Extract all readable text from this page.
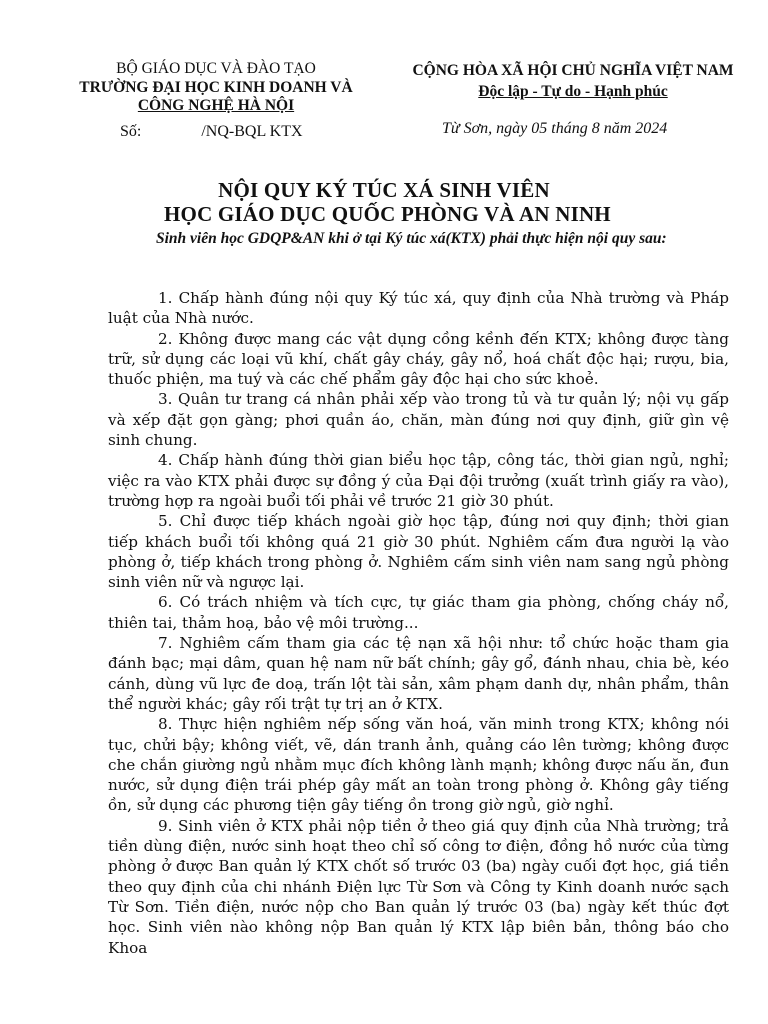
BỘ GIÁO DỤC VÀ ĐÀO TẠO
TRƯỜNG ĐẠI HỌC KINH DOANH VÀ
CÔNG NGHỆ HÀ NỘI
CỘNG HÒA XÃ HỘI CHỦ NGHĨA VIỆT NAM
Độc lập - Tự do - Hạnh phúc
Số:	/NQ-BQL KTX	Từ Sơn, ngày 05 tháng 8 năm 2024
NỘI QUY KÝ TÚC XÁ SINH VIÊN
HỌC GIÁO DỤC QUỐC PHÒNG VÀ AN NINH
Sinh viên học GDQP&AN khi ở tại Ký túc xá(KTX) phải thực hiện nội quy sau:

1. Chấp hành đúng nội quy Ký túc xá, quy định của Nhà trường và Pháp luật của Nhà nước.

2. Không được mang các vật dụng cồng kềnh đến KTX; không được tàng trữ, sử dụng các loại vũ khí, chất gây cháy, gây nổ, hoá chất độc hại; rượu, bia, thuốc phiện, ma tuý và các chế phẩm gây độc hại cho sức khoẻ.

3. Quân tư trang cá nhân phải xếp vào trong tủ và tư quản lý; nội vụ gấp và xếp đặt gọn gàng; phơi quần áo, chăn, màn đúng nơi quy định, giữ gìn vệ sinh chung.

4. Chấp hành đúng thời gian biểu học tập, công tác, thời gian ngủ, nghỉ; việc ra vào KTX phải được sự đồng ý của Đại đội trưởng (xuất trình giấy ra vào), trường hợp ra ngoài buổi tối phải về trước 21 giờ 30 phút.

5. Chỉ được tiếp khách ngoài giờ học tập, đúng nơi quy định; thời gian tiếp khách buổi tối không quá 21 giờ 30 phút. Nghiêm cấm đưa người lạ vào phòng ở, tiếp khách trong phòng ở. Nghiêm cấm sinh viên nam sang ngủ phòng sinh viên nữ và ngược lại.

6. Có trách nhiệm và tích cực, tự giác tham gia phòng, chống cháy nổ, thiên tai, thảm hoạ, bảo vệ môi trường...

7. Nghiêm cấm tham gia các tệ nạn xã hội như: tổ chức hoặc tham gia đánh bạc; mại dâm, quan hệ nam nữ bất chính; gây gổ, đánh nhau, chia bè, kéo cánh, dùng vũ lực đe doạ, trấn lột tài sản, xâm phạm danh dự, nhân phẩm, thân thể người khác; gây rối trật tự trị an ở KTX.

8. Thực hiện nghiêm nếp sống văn hoá, văn minh trong KTX; không nói tục, chửi bậy; không viết, vẽ, dán tranh ảnh, quảng cáo lên tường; không được che chắn giường ngủ nhằm mục đích không lành mạnh; không được nấu ăn, đun nước, sử dụng điện trái phép gây mất an toàn trong phòng ở. Không gây tiếng ồn, sử dụng các phương tiện gây tiếng ồn trong giờ ngủ, giờ nghỉ.

9. Sinh viên ở KTX phải nộp tiền ở theo giá quy định của Nhà trường; trả tiền dùng điện, nước sinh hoạt theo chỉ số công tơ điện, đồng hồ nước của từng phòng ở được Ban quản lý KTX chốt số trước 03 (ba) ngày cuối đợt học, giá tiền theo quy định của chi nhánh Điện lực Từ Sơn và Công ty Kinh doanh nước sạch Từ Sơn. Tiền điện, nước nộp cho Ban quản lý trước 03 (ba) ngày kết thúc đợt học. Sinh viên nào không nộp Ban quản lý KTX lập biên bản, thông báo cho Khoa
